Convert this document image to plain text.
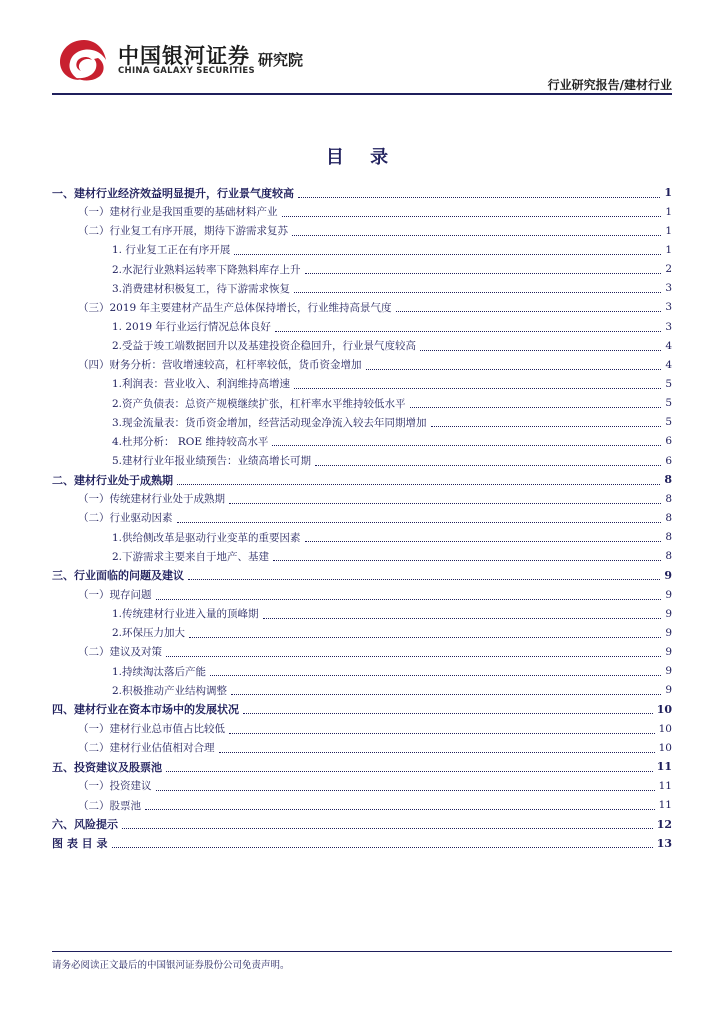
中国银河证券
CHINA GALAXY SECURITIES
研究院
行业研究报告/建材行业
目 录
一、建材行业经济效益明显提升，行业景气度较高	1
（一）建材行业是我国重要的基础材料产业	1
（二）行业复工有序开展，期待下游需求复苏	1
1. 行业复工正在有序开展	1
2.水泥行业熟料运转率下降熟料库存上升	2
3.消费建材积极复工，待下游需求恢复	3
（三）2019 年主要建材产品生产总体保持增长，行业维持高景气度	3
1. 2019 年行业运行情况总体良好	3
2.受益于竣工端数据回升以及基建投资企稳回升，行业景气度较高	4
（四）财务分析：营收增速较高，杠杆率较低，货币资金增加	4
1.利润表：营业收入、利润维持高增速	5
2.资产负债表：总资产规模继续扩张，杠杆率水平维持较低水平	5
3.现金流量表：货币资金增加，经营活动现金净流入较去年同期增加	5
4.杜邦分析： ROE 维持较高水平	6
5.建材行业年报业绩预告：业绩高增长可期	6
二、建材行业处于成熟期	8
（一）传统建材行业处于成熟期	8
（二）行业驱动因素	8
1.供给侧改革是驱动行业变革的重要因素	8
2.下游需求主要来自于地产、基建	8
三、行业面临的问题及建议	9
（一）现存问题	9
1.传统建材行业进入量的顶峰期	9
2.环保压力加大	9
（二）建议及对策	9
1.持续淘汰落后产能	9
2.积极推动产业结构调整	9
四、建材行业在资本市场中的发展状况	10
（一）建材行业总市值占比较低	10
（二）建材行业估值相对合理	10
五、投资建议及股票池	11
（一）投资建议	11
（二）股票池	11
六、风险提示	12
图 表 目 录	13
请务必阅读正文最后的中国银河证券股份公司免责声明。
